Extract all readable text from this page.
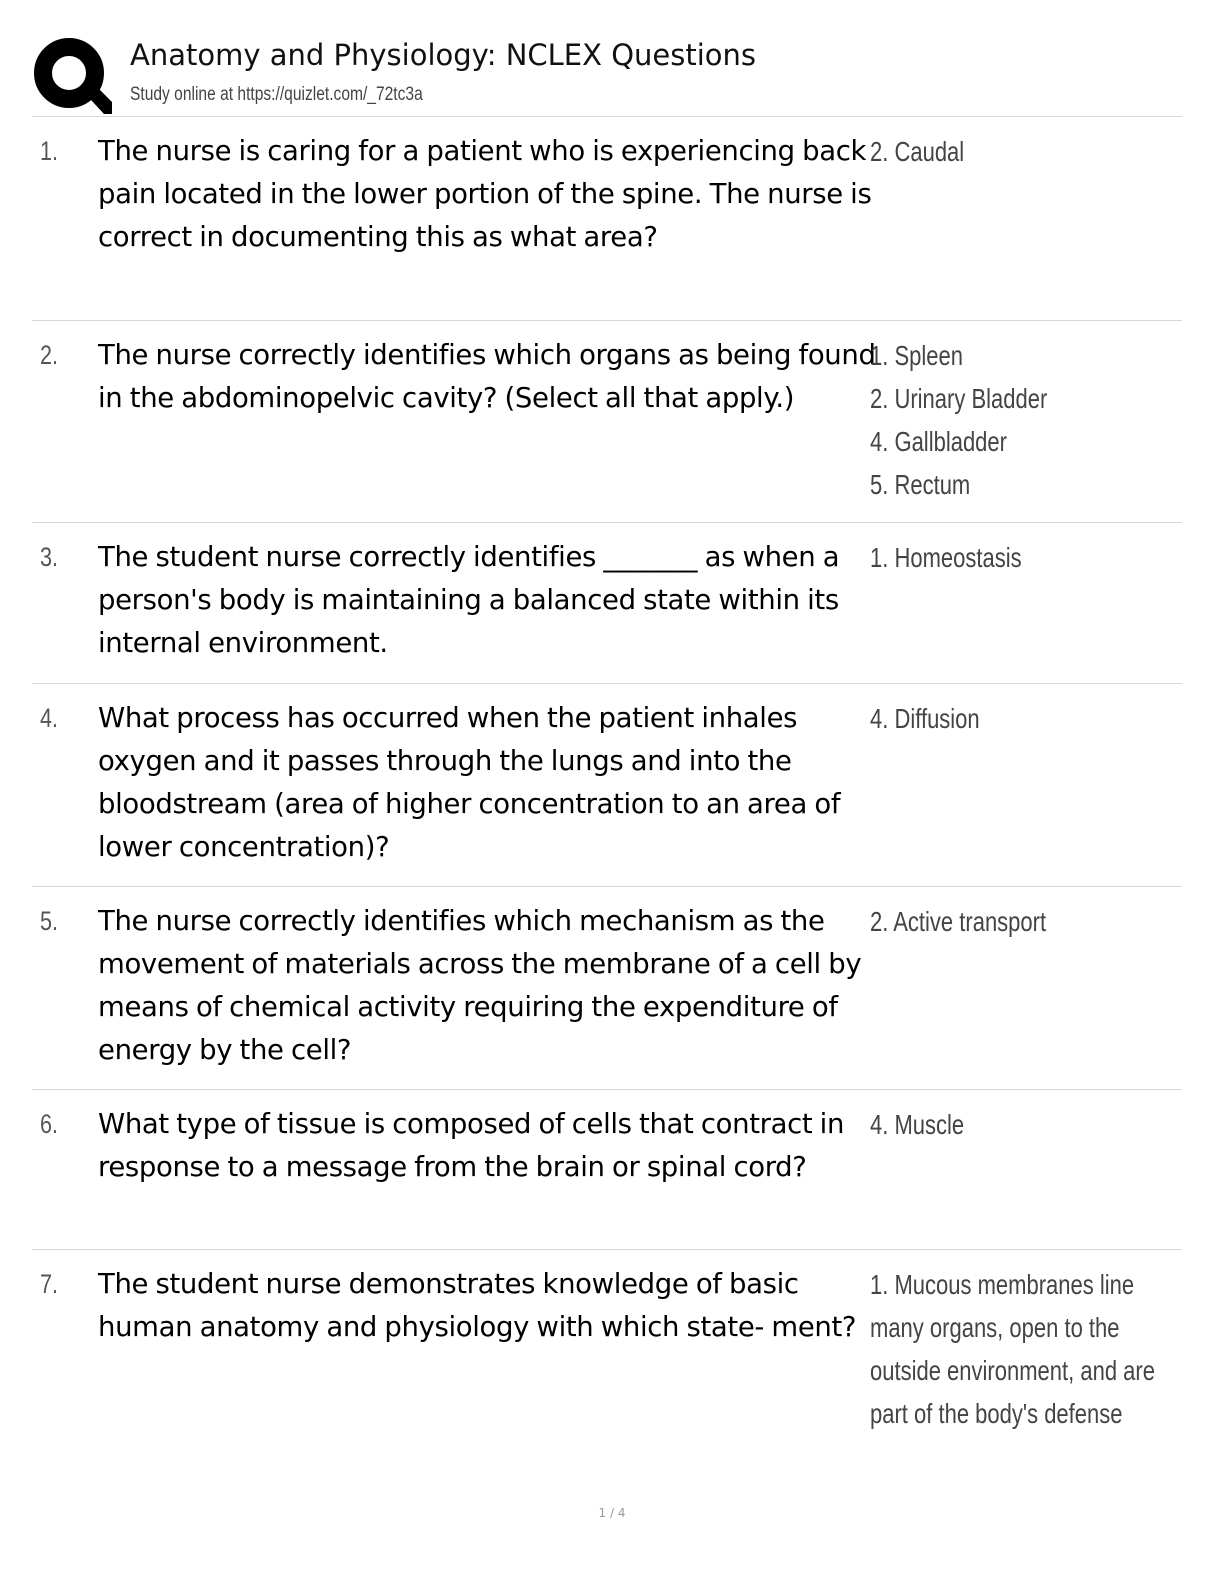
Anatomy and Physiology: NCLEX Questions
Study online at https://quizlet.com/_72tc3a
1. The nurse is caring for a patient who is experiencing back pain located in the lower portion of the spine. The nurse is correct in documenting this as what area?
2. Caudal
2. The nurse correctly identifies which organs as being found in the abdominopelvic cavity? (Select all that apply.)
1. Spleen
2. Urinary Bladder
4. Gallbladder
5. Rectum
3. The student nurse correctly identifies _______ as when a person's body is maintaining a balanced state within its internal environment.
1. Homeostasis
4. What process has occurred when the patient inhales oxygen and it passes through the lungs and into the bloodstream (area of higher concentration to an area of lower concentration)?
4. Diffusion
5. The nurse correctly identifies which mechanism as the movement of materials across the membrane of a cell by means of chemical activity requiring the expenditure of energy by the cell?
2. Active transport
6. What type of tissue is composed of cells that contract in response to a message from the brain or spinal cord?
4. Muscle
7. The student nurse demonstrates knowledge of basic human anatomy and physiology with which state- ment?
1. Mucous membranes line
many organs, open to the
outside environment, and are
part of the body's defense
1 / 4
